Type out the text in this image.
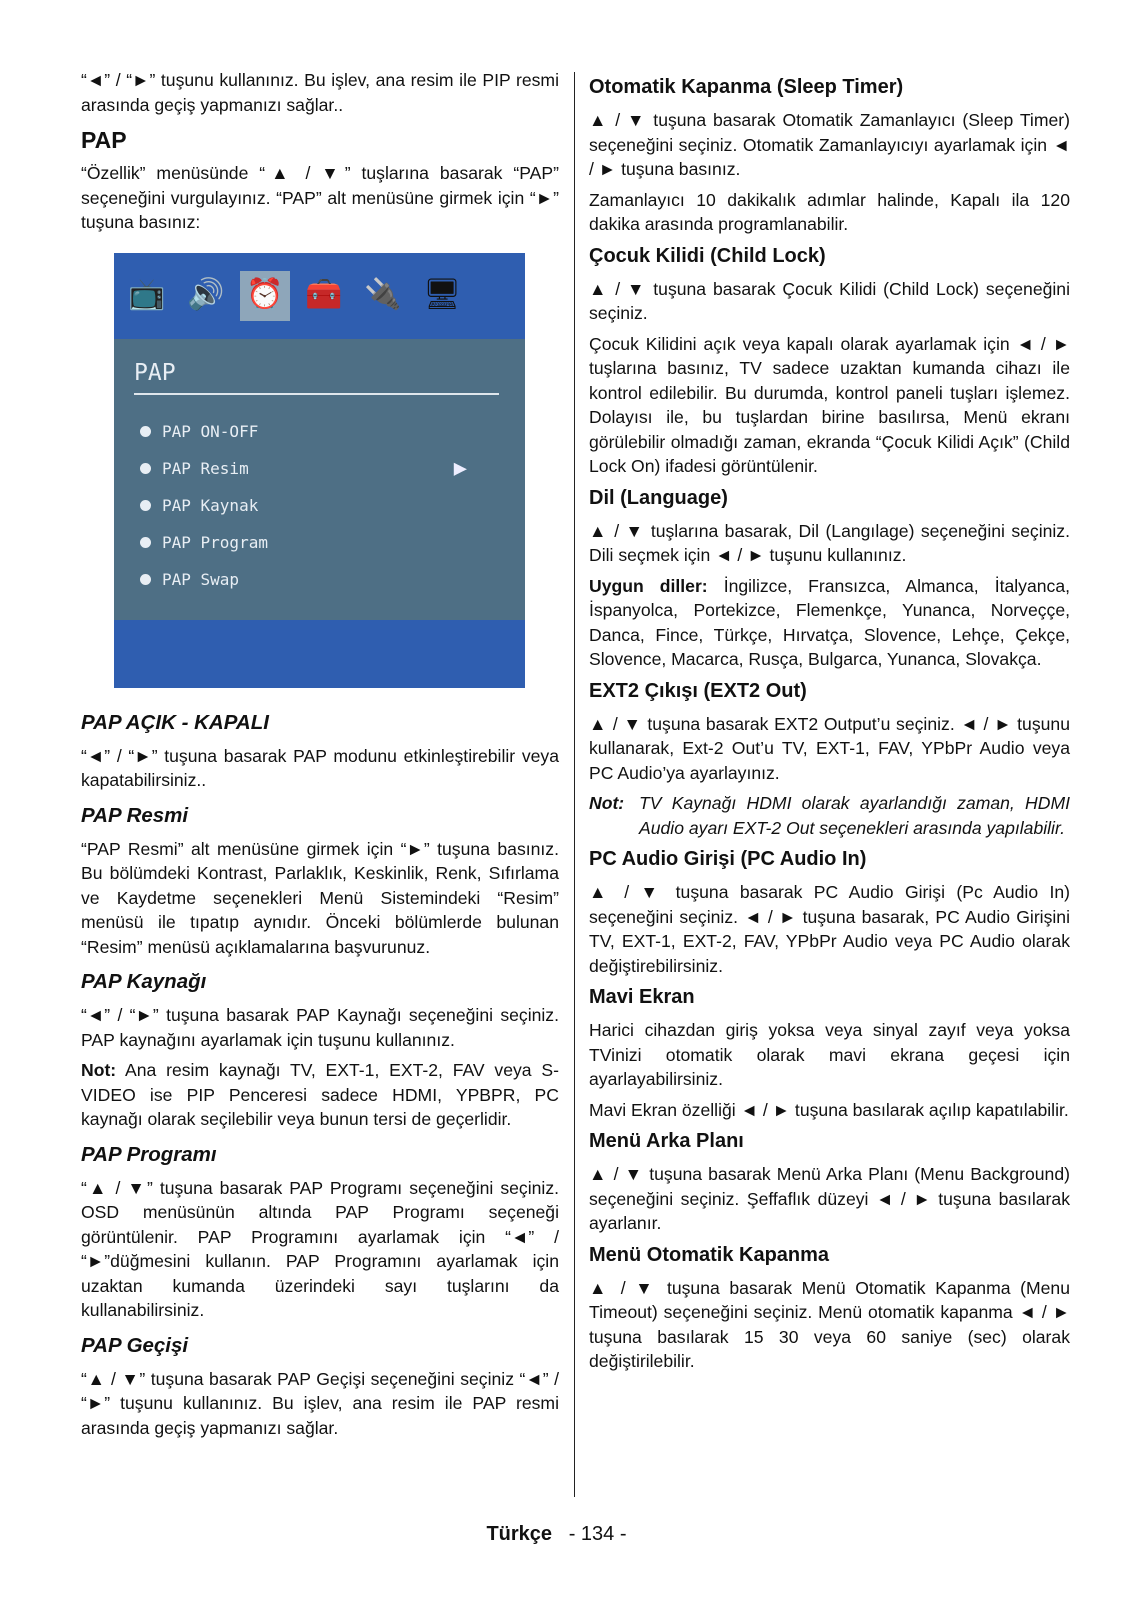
“◄” / “►” tuşunu kullanınız. Bu işlev, ana resim ile PIP resmi arasında geçiş yapmanızı sağlar..

PAP

“Özellik” menüsünde “▲ / ▼” tuşlarına basarak “PAP” seçeneğini vurgulayınız. “PAP” alt menüsüne girmek için “►” tuşuna basınız:

📺 🔊 ⏰ 🧰 🔌 🖥
PAP
PAP ON-OFF
PAP Resim	▶
PAP Kaynak
PAP Program
PAP Swap
PAP AÇIK - KAPALI

“◄” / “►” tuşuna basarak PAP modunu etkinleştirebilir veya kapatabilirsiniz..

PAP Resmi

“PAP Resmi” alt menüsüne girmek için “►” tuşuna basınız. Bu bölümdeki Kontrast, Parlaklık, Keskinlik, Renk, Sıfırlama ve Kaydetme seçenekleri Menü Sistemindeki “Resim” menüsü ile tıpatıp aynıdır. Önceki bölümlerde bulunan “Resim” menüsü açıklamalarına başvurunuz.

PAP Kaynağı

“◄” / “►” tuşuna basarak PAP Kaynağı seçeneğini seçiniz. PAP kaynağını ayarlamak için tuşunu kullanınız.

Not: Ana resim kaynağı TV, EXT-1, EXT-2, FAV veya S-VIDEO ise PIP Penceresi sadece HDMI, YPBPR, PC kaynağı olarak seçilebilir veya bunun tersi de geçerlidir.

PAP Programı

“▲ / ▼” tuşuna basarak PAP Programı seçeneğini seçiniz. OSD menüsünün altında PAP Programı seçeneği görüntülenir. PAP Programını ayarlamak için “◄” / “►”düğmesini kullanın. PAP Programını ayarlamak için uzaktan kumanda üzerindeki sayı tuşlarını da kullanabilirsiniz.

PAP Geçişi

“▲ / ▼” tuşuna basarak PAP Geçişi seçeneğini seçiniz “◄” / “►” tuşunu kullanınız. Bu işlev, ana resim ile PAP resmi arasında geçiş yapmanızı sağlar.

Otomatik Kapanma (Sleep Timer)

▲ / ▼ tuşuna basarak Otomatik Zamanlayıcı (Sleep Timer) seçeneğini seçiniz. Otomatik Zamanlayıcıyı ayarlamak için ◄ / ► tuşuna basınız.

Zamanlayıcı 10 dakikalık adımlar halinde, Kapalı ila 120 dakika arasında programlanabilir.

Çocuk Kilidi (Child Lock)

▲ / ▼ tuşuna basarak Çocuk Kilidi (Child Lock) seçeneğini seçiniz.

Çocuk Kilidini açık veya kapalı olarak ayarlamak için ◄ / ► tuşlarına basınız, TV sadece uzaktan kumanda cihazı ile kontrol edilebilir. Bu durumda, kontrol paneli tuşları işlemez. Dolayısı ile, bu tuşlardan birine basılırsa, Menü ekranı görülebilir olmadığı zaman, ekranda “Çocuk Kilidi Açık” (Child Lock On) ifadesi görüntülenir.

Dil (Language)

▲ / ▼ tuşlarına basarak, Dil (Langılage) seçeneğini seçiniz. Dili seçmek için ◄ / ► tuşunu kullanınız.

Uygun diller: İngilizce, Fransızca, Almanca, İtalyanca, İspanyolca, Portekizce, Flemenkçe, Yunanca, Norveççe, Danca, Fince, Türkçe, Hırvatça, Slovence, Lehçe, Çekçe, Slovence, Macarca, Rusça, Bulgarca, Yunanca, Slovakça.

EXT2 Çıkışı (EXT2 Out)

▲ / ▼ tuşuna basarak EXT2 Output’u seçiniz. ◄ / ► tuşunu kullanarak, Ext-2 Out’u TV, EXT-1, FAV, YPbPr Audio veya PC Audio’ya ayarlayınız.

Not: TV Kaynağı HDMI olarak ayarlandığı zaman, HDMI Audio ayarı EXT-2 Out seçenekleri arasında yapılabilir.
PC Audio Girişi (PC Audio In)

▲ / ▼ tuşuna basarak PC Audio Girişi (Pc Audio In) seçeneğini seçiniz. ◄ / ► tuşuna basarak, PC Audio Girişini TV, EXT-1, EXT-2, FAV, YPbPr Audio veya PC Audio olarak değiştirebilirsiniz.

Mavi Ekran

Harici cihazdan giriş yoksa veya sinyal zayıf veya yoksa TVinizi otomatik olarak mavi ekrana geçesi için ayarlayabilirsiniz.

Mavi Ekran özelliği ◄ / ► tuşuna basılarak açılıp kapatılabilir.

Menü Arka Planı

▲ / ▼ tuşuna basarak Menü Arka Planı (Menu Background) seçeneğini seçiniz. Şeffaflık düzeyi ◄ / ► tuşuna basılarak ayarlanır.

Menü Otomatik Kapanma

▲ / ▼ tuşuna basarak Menü Otomatik Kapanma (Menu Timeout) seçeneğini seçiniz. Menü otomatik kapanma ◄ / ► tuşuna basılarak 15 30 veya 60 saniye (sec) olarak değiştirilebilir.

Türkçe - 134 -
